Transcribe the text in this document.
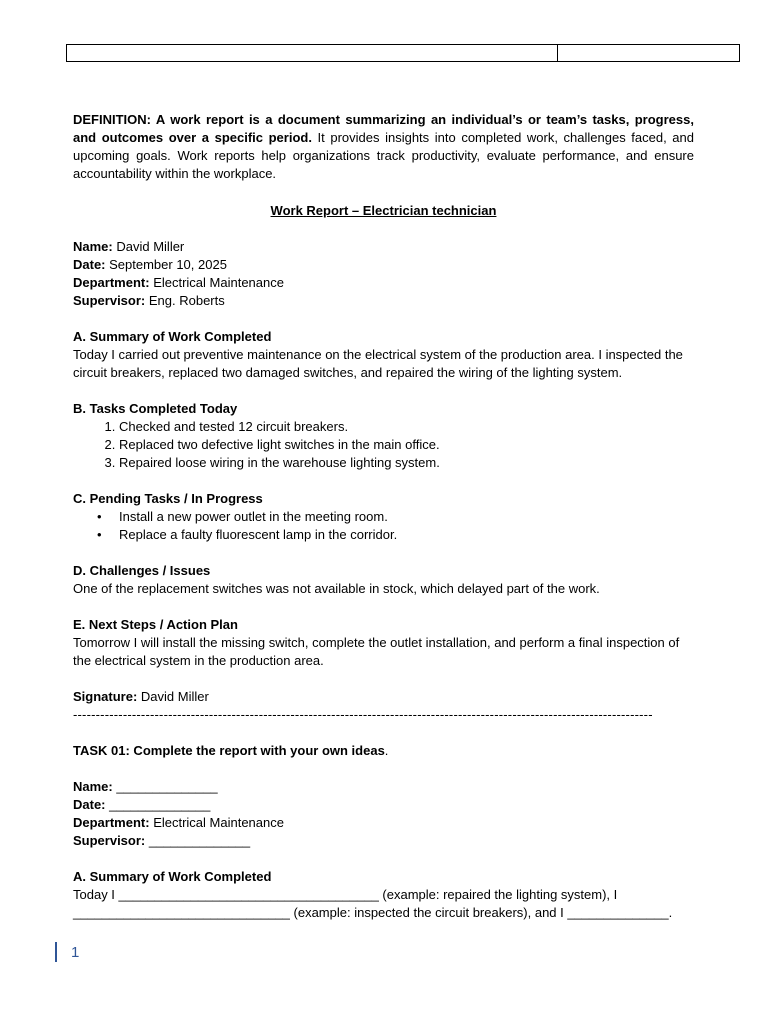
DEFINITION: A work report is a document summarizing an individual’s or team’s tasks, progress, and outcomes over a specific period. It provides insights into completed work, challenges faced, and upcoming goals. Work reports help organizations track productivity, evaluate performance, and ensure accountability within the workplace.

Work Report – Electrician technician

Name: David Miller

Date: September 10, 2025

Department: Electrical Maintenance

Supervisor: Eng. Roberts

A. Summary of Work Completed

Today I carried out preventive maintenance on the electrical system of the production area. I inspected the circuit breakers, replaced two damaged switches, and repaired the wiring of the lighting system.

B. Tasks Completed Today

1. Checked and tested 12 circuit breakers.
2. Replaced two defective light switches in the main office.
3. Repaired loose wiring in the warehouse lighting system.

C. Pending Tasks / In Progress

• Install a new power outlet in the meeting room.
• Replace a faulty fluorescent lamp in the corridor.

D. Challenges / Issues

One of the replacement switches was not available in stock, which delayed part of the work.

E. Next Steps / Action Plan

Tomorrow I will install the missing switch, complete the outlet installation, and perform a final inspection of the electrical system in the production area.

Signature: David Miller

--------------------------------------------------------------------------------------------------------------------------------

TASK 01: Complete the report with your own ideas.

Name: ______________

Date: ______________

Department: Electrical Maintenance

Supervisor: ______________

A. Summary of Work Completed

Today I ____________________________________ (example: repaired the lighting system), I

______________________________ (example: inspected the circuit breakers), and I ______________.

1
